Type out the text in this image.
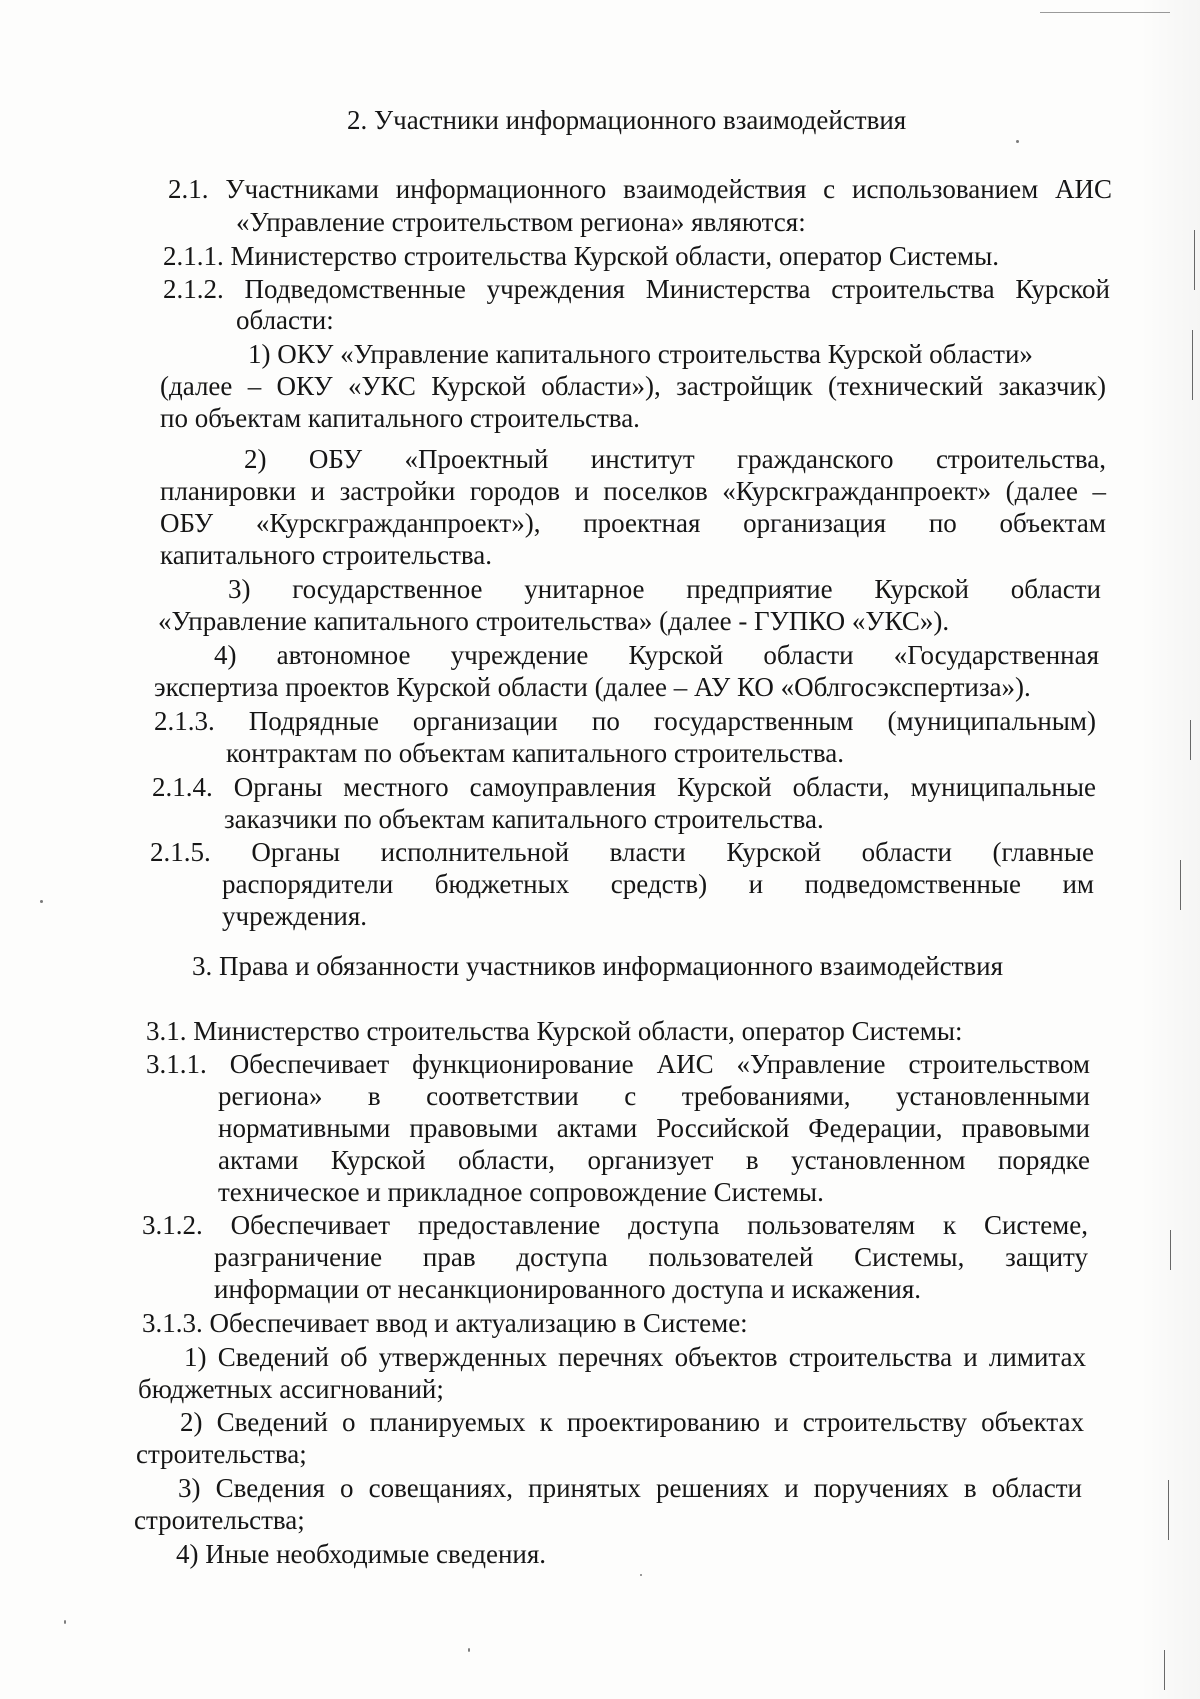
2. Участники информационного взаимодействия
2.1. Участниками информационного взаимодействия с использованием АИС
«Управление строительством региона» являются:
2.1.1. Министерство строительства Курской области, оператор Системы.
2.1.2. Подведомственные учреждения Министерства строительства Курской
области:
1) ОКУ «Управление капитального строительства Курской области»
(далее – ОКУ «УКС Курской области»), застройщик (технический заказчик)
по объектам капитального строительства.
2) ОБУ «Проектный институт гражданского строительства,
планировки и застройки городов и поселков «Курскгражданпроект» (далее –
ОБУ «Курскгражданпроект»), проектная организация по объектам
капитального строительства.
3) государственное унитарное предприятие Курской области
«Управление капитального строительства» (далее - ГУПКО «УКС»).
4) автономное учреждение Курской области «Государственная
экспертиза проектов Курской области (далее – АУ КО «Облгосэкспертиза»).
2.1.3. Подрядные организации по государственным (муниципальным)
контрактам по объектам капитального строительства.
2.1.4. Органы местного самоуправления Курской области, муниципальные
заказчики по объектам капитального строительства.
2.1.5. Органы исполнительной власти Курской области (главные
распорядители бюджетных средств) и подведомственные им
учреждения.
3. Права и обязанности участников информационного взаимодействия
3.1. Министерство строительства Курской области, оператор Системы:
3.1.1. Обеспечивает функционирование АИС «Управление строительством
региона» в соответствии с требованиями, установленными
нормативными правовыми актами Российской Федерации, правовыми
актами Курской области, организует в установленном порядке
техническое и прикладное сопровождение Системы.
3.1.2. Обеспечивает предоставление доступа пользователям к Системе,
разграничение прав доступа пользователей Системы, защиту
информации от несанкционированного доступа и искажения.
3.1.3. Обеспечивает ввод и актуализацию в Системе:
1) Сведений об утвержденных перечнях объектов строительства и лимитах
бюджетных ассигнований;
2) Сведений о планируемых к проектированию и строительству объектах
строительства;
3) Сведения о совещаниях, принятых решениях и поручениях в области
строительства;
4) Иные необходимые сведения.
